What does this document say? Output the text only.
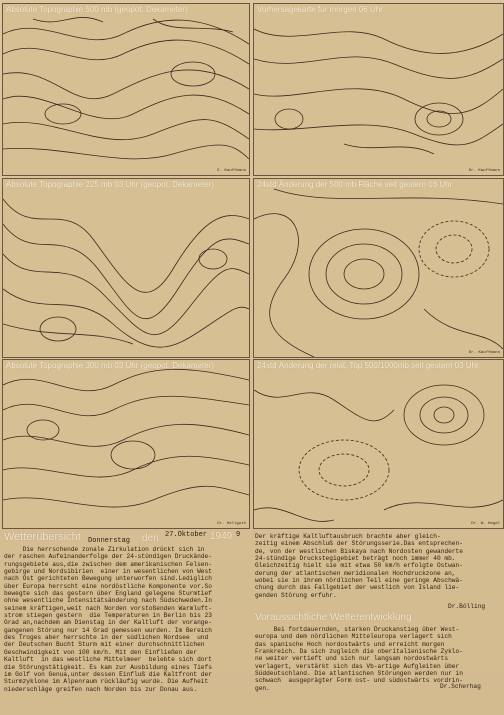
Absolute Topographie 500 mb (geopot. Dekameter)
E. Kauffmann
Vorhersagekarte für morgen 06 Uhr
Dr. Kauffmann
Absolute Topographie 225 mb 03 Uhr (geopot. Dekameter)	24std Änderung der 500 mb Fläche seit gestern 03 Uhr
Dr. Kauffmann
Absolute Topographie 300 mb 03 Uhr (geopot. Dekameter)
Dr. Hellguth
24std Änderung der relat. Top 500/1000mb seit gestern 03 Uhr
Dr. W. Hegel
Wetterübersicht Donnerstag den 27.Oktober 1949 9
Die herrschende zonale Zirkulation drückt sich in
der raschen Aufeinanderfolge der 24-stündigen Druckände-
rungsgebiete aus,die zwischen dem amerikanischen Felsen-
gebirge und Nordsibirien  einer in wesentlichen von West
nach Ost gerichteten Bewegung unterworfen sind.Lediglich
über Europa herrscht eine nordöstliche Komponente vor.So
bewegte sich das gestern über England gelegene Sturmtief
ohne wesentliche Intensitätsänderung nach Südschweden.In
seinem kräftigen,weit nach Norden vorstoßenden Warmluft-
strom stiegen gestern  die Temperaturen in Berlin bis 23
Grad an,nachdem am Dienstag in der Kaltluft der vorange-
gangenen Störung nur 14 Grad gemessen wurden. Im Bereich
des Troges aber herrschte in der südlichen Nordsee  und
der Deutschen Bucht Sturm mit einer durchschnittlichen
Geschwindigkeit von 100 km/h. Mit den Einfließen der
Kaltluft  in das westliche Mittelmeer  belebte sich dort
die Störungstätigkeit. Es kam zur Ausbildung eines Tiefs
im Golf von Genua,unter dessen Einfluß die Kaltfront der
Sturmzyklone im Alpenraum rückläufig wurde. Die Aufheit
niederschläge greifen nach Norden bis zur Donau aus.
Der kräftige Kaltluftausbruch brachte aber gleich-
zeitig einem Abschluß der Störungsserie.Das entsprechen-
de, von der westlichen Biskaya nach Nordosten gewanderte
24-stündige Druckstegigebiet beträgt noch immer 40 mb.
Gleichzeitig hielt sie mit etwa 50 km/h erfolgte Ostwan-
derung der atlantischen meridionalen Hochdruckzone an,
wobei sie in ihrem nördlichen Teil eine geringe Abschwä-
chung durch das Fallgebiet der westlich von Island lie-
genden Störung erfuhr.
Dr.Bölling
Voraussichtliche Wetterentwicklung
Bei fortdauernden, starken Druckanstieg über West-
europa und dem nördlichen Mitteleuropa verlagert sich
das spanische Hoch nordostwärts und erreicht morgen
Frankreich. Da sich zugleich die oberitalienische Zyklo-
ne weiter vertieft und sich nur langsam nordostwärts
verlagert, verstärkt sich das Vb-artige Aufgleiten über
Süddeutschland. Die atlantischen Störungen werden nur in
schwach  ausgeprägter Form ost- und südostwärts vordrin-
gen.	Dr.Scherhag
